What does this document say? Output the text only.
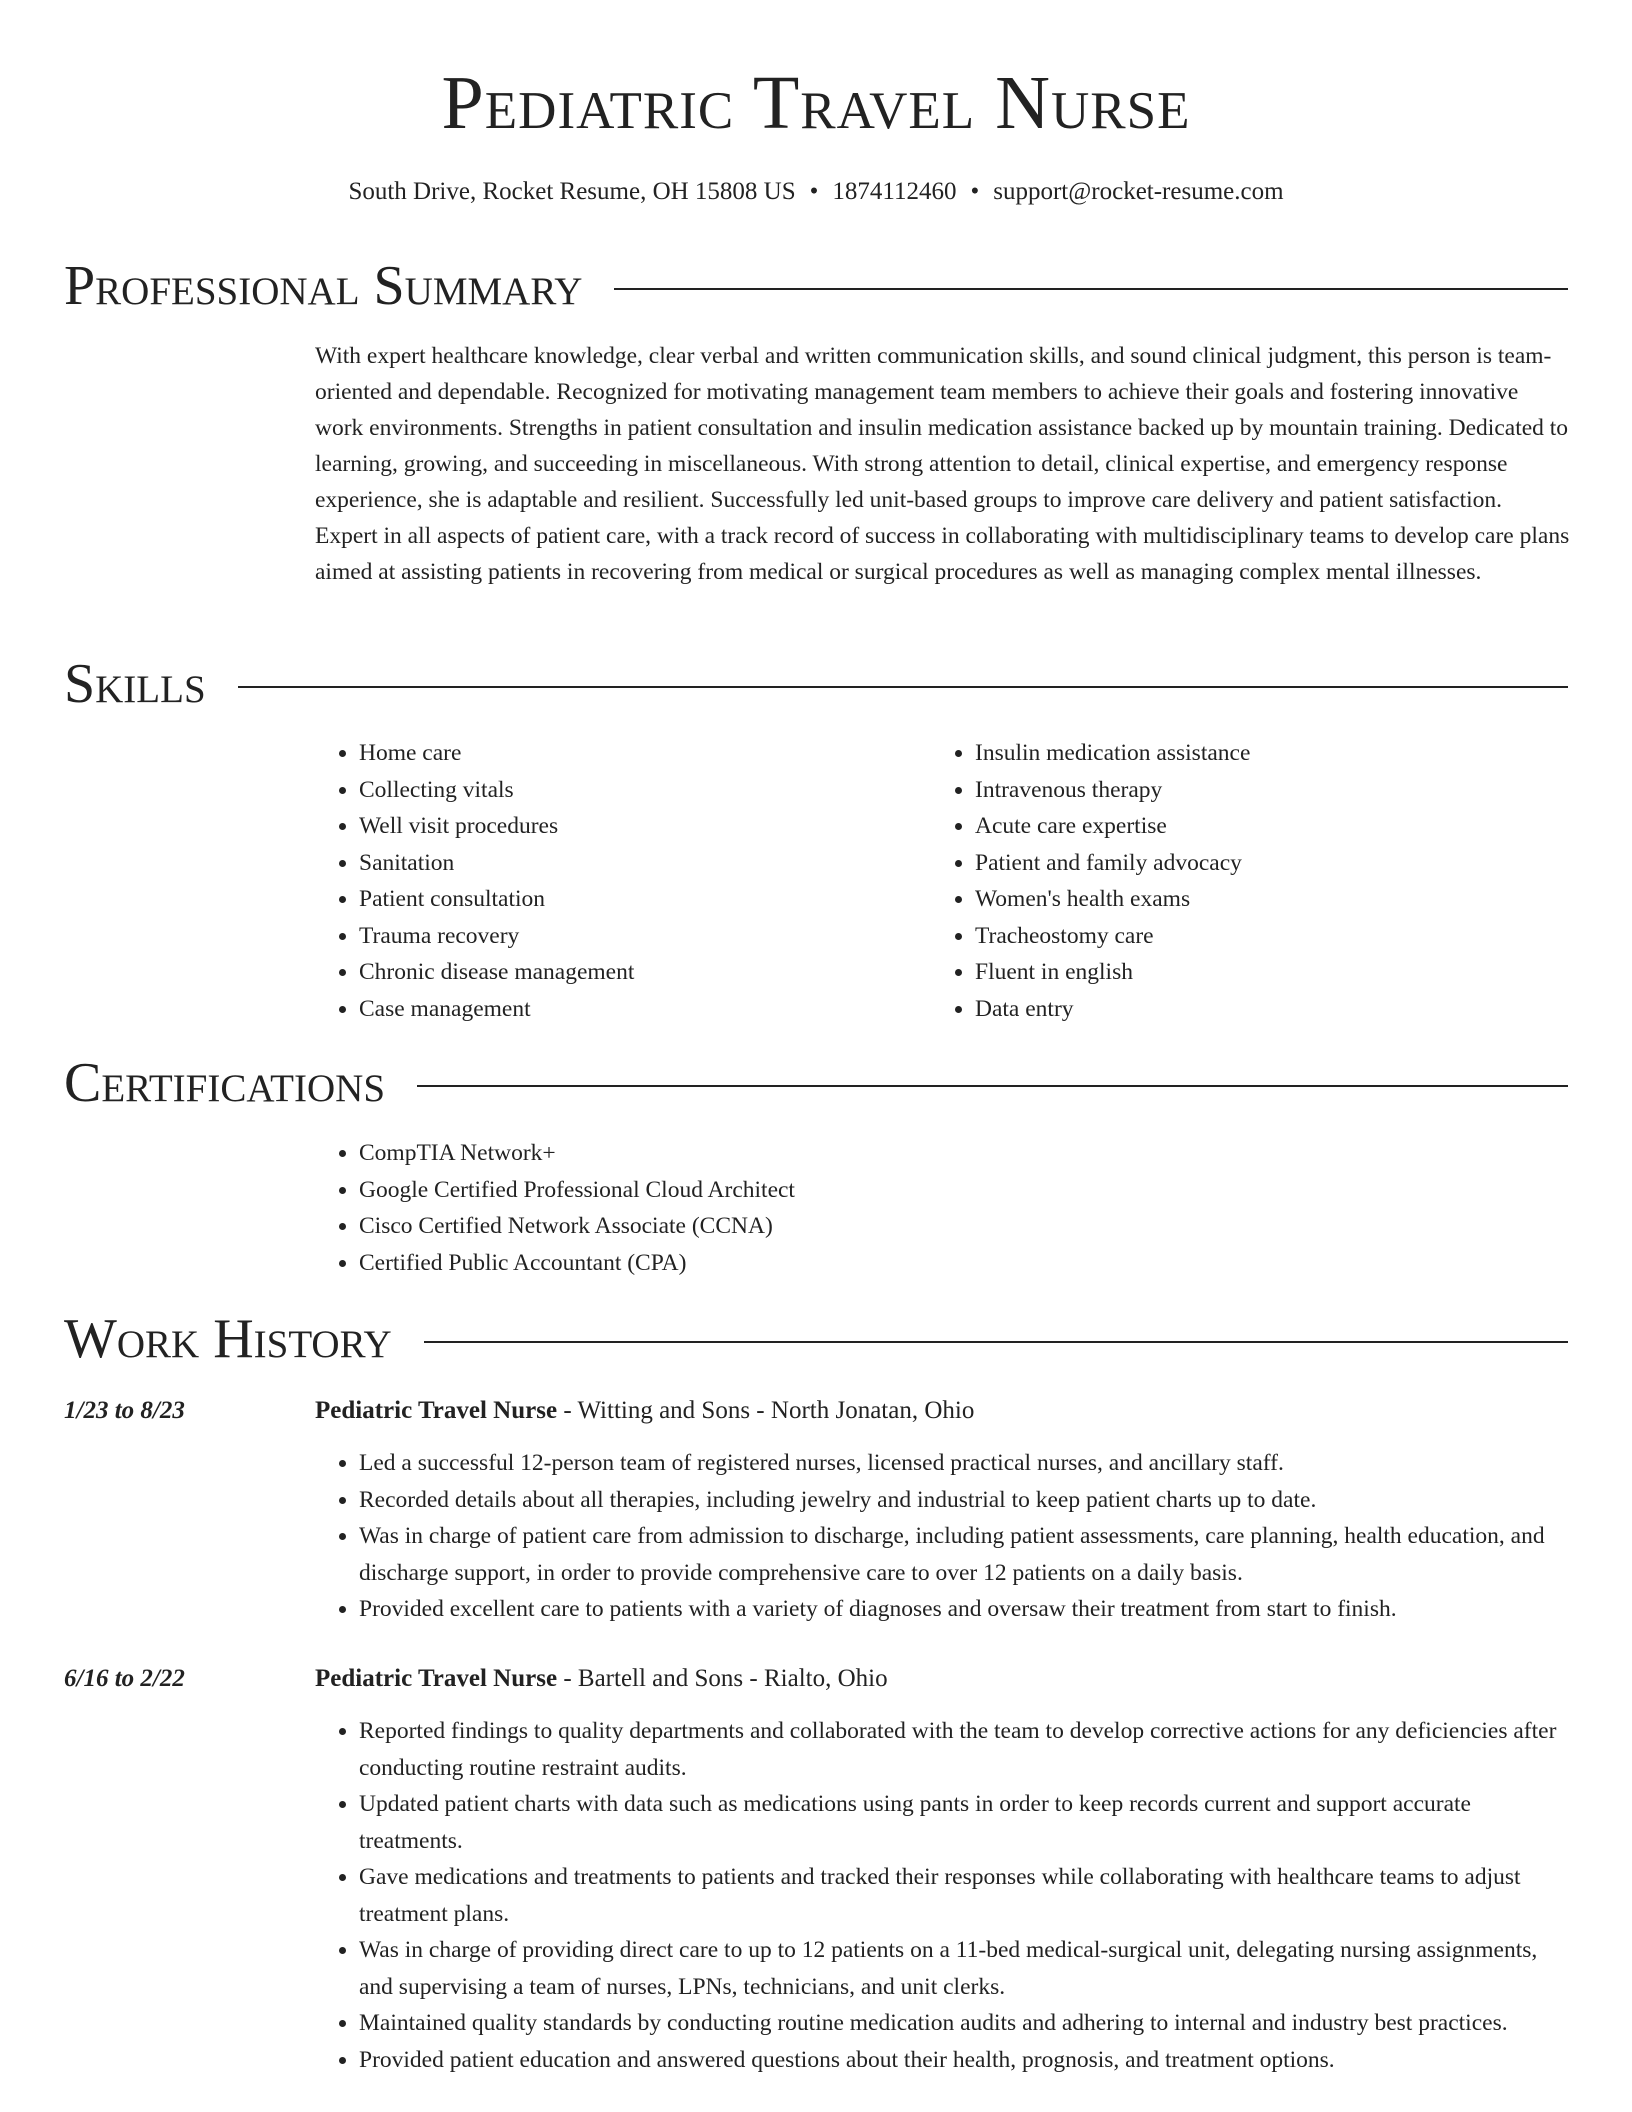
Pediatric Travel Nurse
South Drive, Rocket Resume, OH 15808 US • 1874112460 • support@rocket-resume.com
Professional Summary

With expert healthcare knowledge, clear verbal and written communication skills, and sound clinical judgment, this person is team-oriented and dependable. Recognized for motivating management team members to achieve their goals and fostering innovative work environments. Strengths in patient consultation and insulin medication assistance backed up by mountain training. Dedicated to learning, growing, and succeeding in miscellaneous. With strong attention to detail, clinical expertise, and emergency response experience, she is adaptable and resilient. Successfully led unit-based groups to improve care delivery and patient satisfaction. Expert in all aspects of patient care, with a track record of success in collaborating with multidisciplinary teams to develop care plans aimed at assisting patients in recovering from medical or surgical procedures as well as managing complex mental illnesses.

Skills
• Home care
• Collecting vitals
• Well visit procedures
• Sanitation
• Patient consultation
• Trauma recovery
• Chronic disease management
• Case management
• Insulin medication assistance
• Intravenous therapy
• Acute care expertise
• Patient and family advocacy
• Women's health exams
• Tracheostomy care
• Fluent in english
• Data entry
Certifications
• CompTIA Network+
• Google Certified Professional Cloud Architect
• Cisco Certified Network Associate (CCNA)
• Certified Public Accountant (CPA)
Work History
1/23 to 8/23	Pediatric Travel Nurse - Witting and Sons - North Jonatan, Ohio
• Led a successful 12-person team of registered nurses, licensed practical nurses, and ancillary staff.
• Recorded details about all therapies, including jewelry and industrial to keep patient charts up to date.
• Was in charge of patient care from admission to discharge, including patient assessments, care planning, health education, and discharge support, in order to provide comprehensive care to over 12 patients on a daily basis.
• Provided excellent care to patients with a variety of diagnoses and oversaw their treatment from start to finish.
6/16 to 2/22	Pediatric Travel Nurse - Bartell and Sons - Rialto, Ohio
• Reported findings to quality departments and collaborated with the team to develop corrective actions for any deficiencies after conducting routine restraint audits.
• Updated patient charts with data such as medications using pants in order to keep records current and support accurate treatments.
• Gave medications and treatments to patients and tracked their responses while collaborating with healthcare teams to adjust treatment plans.
• Was in charge of providing direct care to up to 12 patients on a 11-bed medical-surgical unit, delegating nursing assignments, and supervising a team of nurses, LPNs, technicians, and unit clerks.
• Maintained quality standards by conducting routine medication audits and adhering to internal and industry best practices.
• Provided patient education and answered questions about their health, prognosis, and treatment options.
